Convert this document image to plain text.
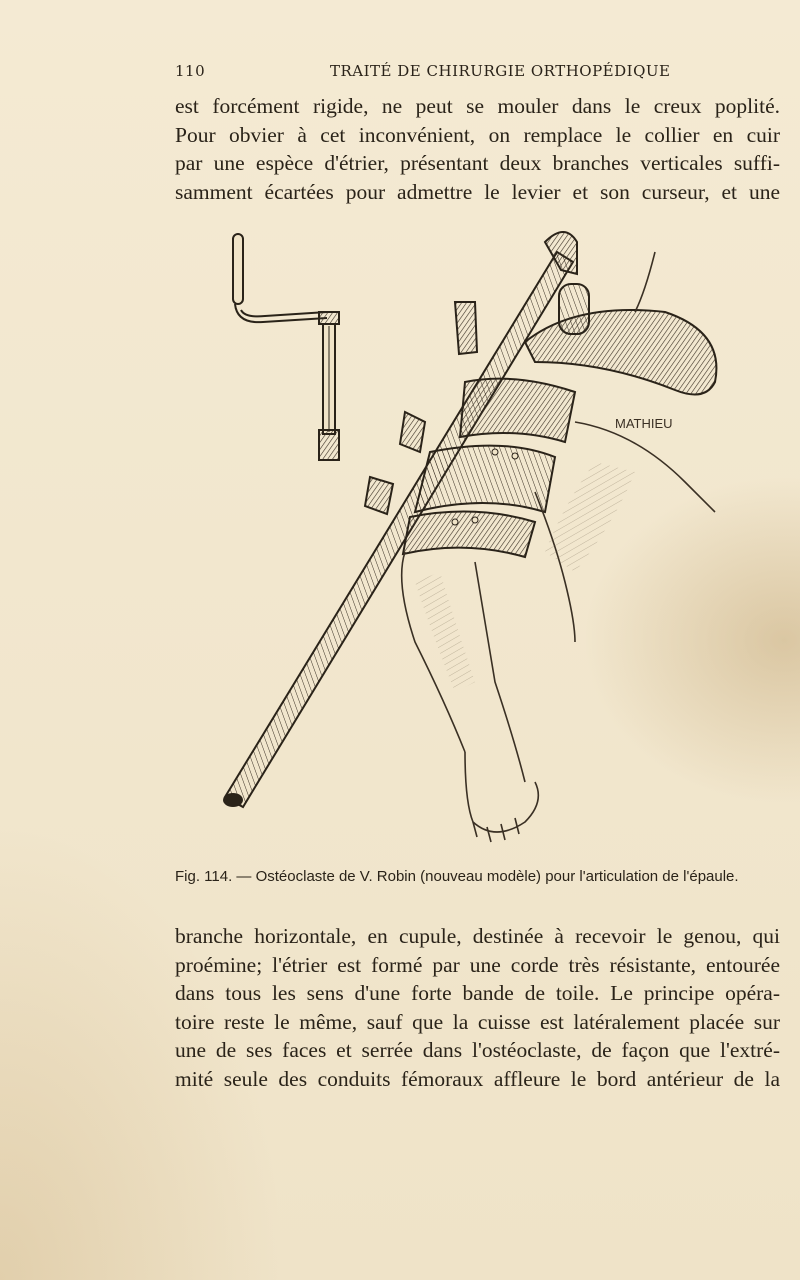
110	TRAITÉ DE CHIRURGIE ORTHOPÉDIQUE

est forcément rigide, ne peut se mouler dans le creux poplité.
Pour obvier à cet inconvénient, on remplace le collier en cuir
par une espèce d'étrier, présentant deux branches verticales suffi-
samment écartées pour admettre le levier et son curseur, et une

MATHIEU
Fig. 114. — Ostéoclaste de V. Robin (nouveau modèle) pour l'articulation de l'épaule.

branche horizontale, en cupule, destinée à recevoir le genou, qui
proémine; l'étrier est formé par une corde très résistante, entourée
dans tous les sens d'une forte bande de toile. Le principe opéra-
toire reste le même, sauf que la cuisse est latéralement placée sur
une de ses faces et serrée dans l'ostéoclaste, de façon que l'extré-
mité seule des conduits fémoraux affleure le bord antérieur de la
